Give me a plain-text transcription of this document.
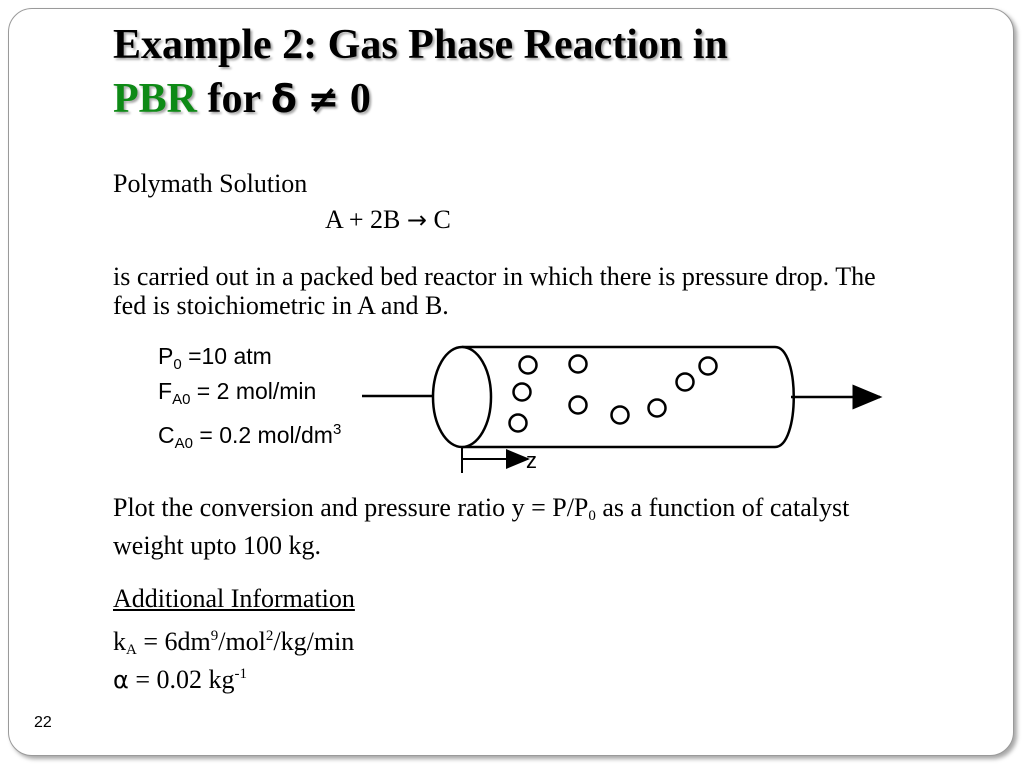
Example 2: Gas Phase Reaction in
PBR for δ ≠ 0

Polymath Solution

A + 2B → C

is carried out in a packed bed reactor in which there is pressure drop. The fed is stoichiometric in A and B.

$P_0 =10$ atm
$F_{A0} = 2$ mol/min
$C_{A0} = 0.2$ mol/$dm^3$
z

Plot the conversion and pressure ratio $y = P/P_0$ as a function of catalyst weight upto 100 kg.

Additional Information

$k_A = 6dm^9/mol^2/kg/\min$

α = 0.02 $kg^{-1}$

22
